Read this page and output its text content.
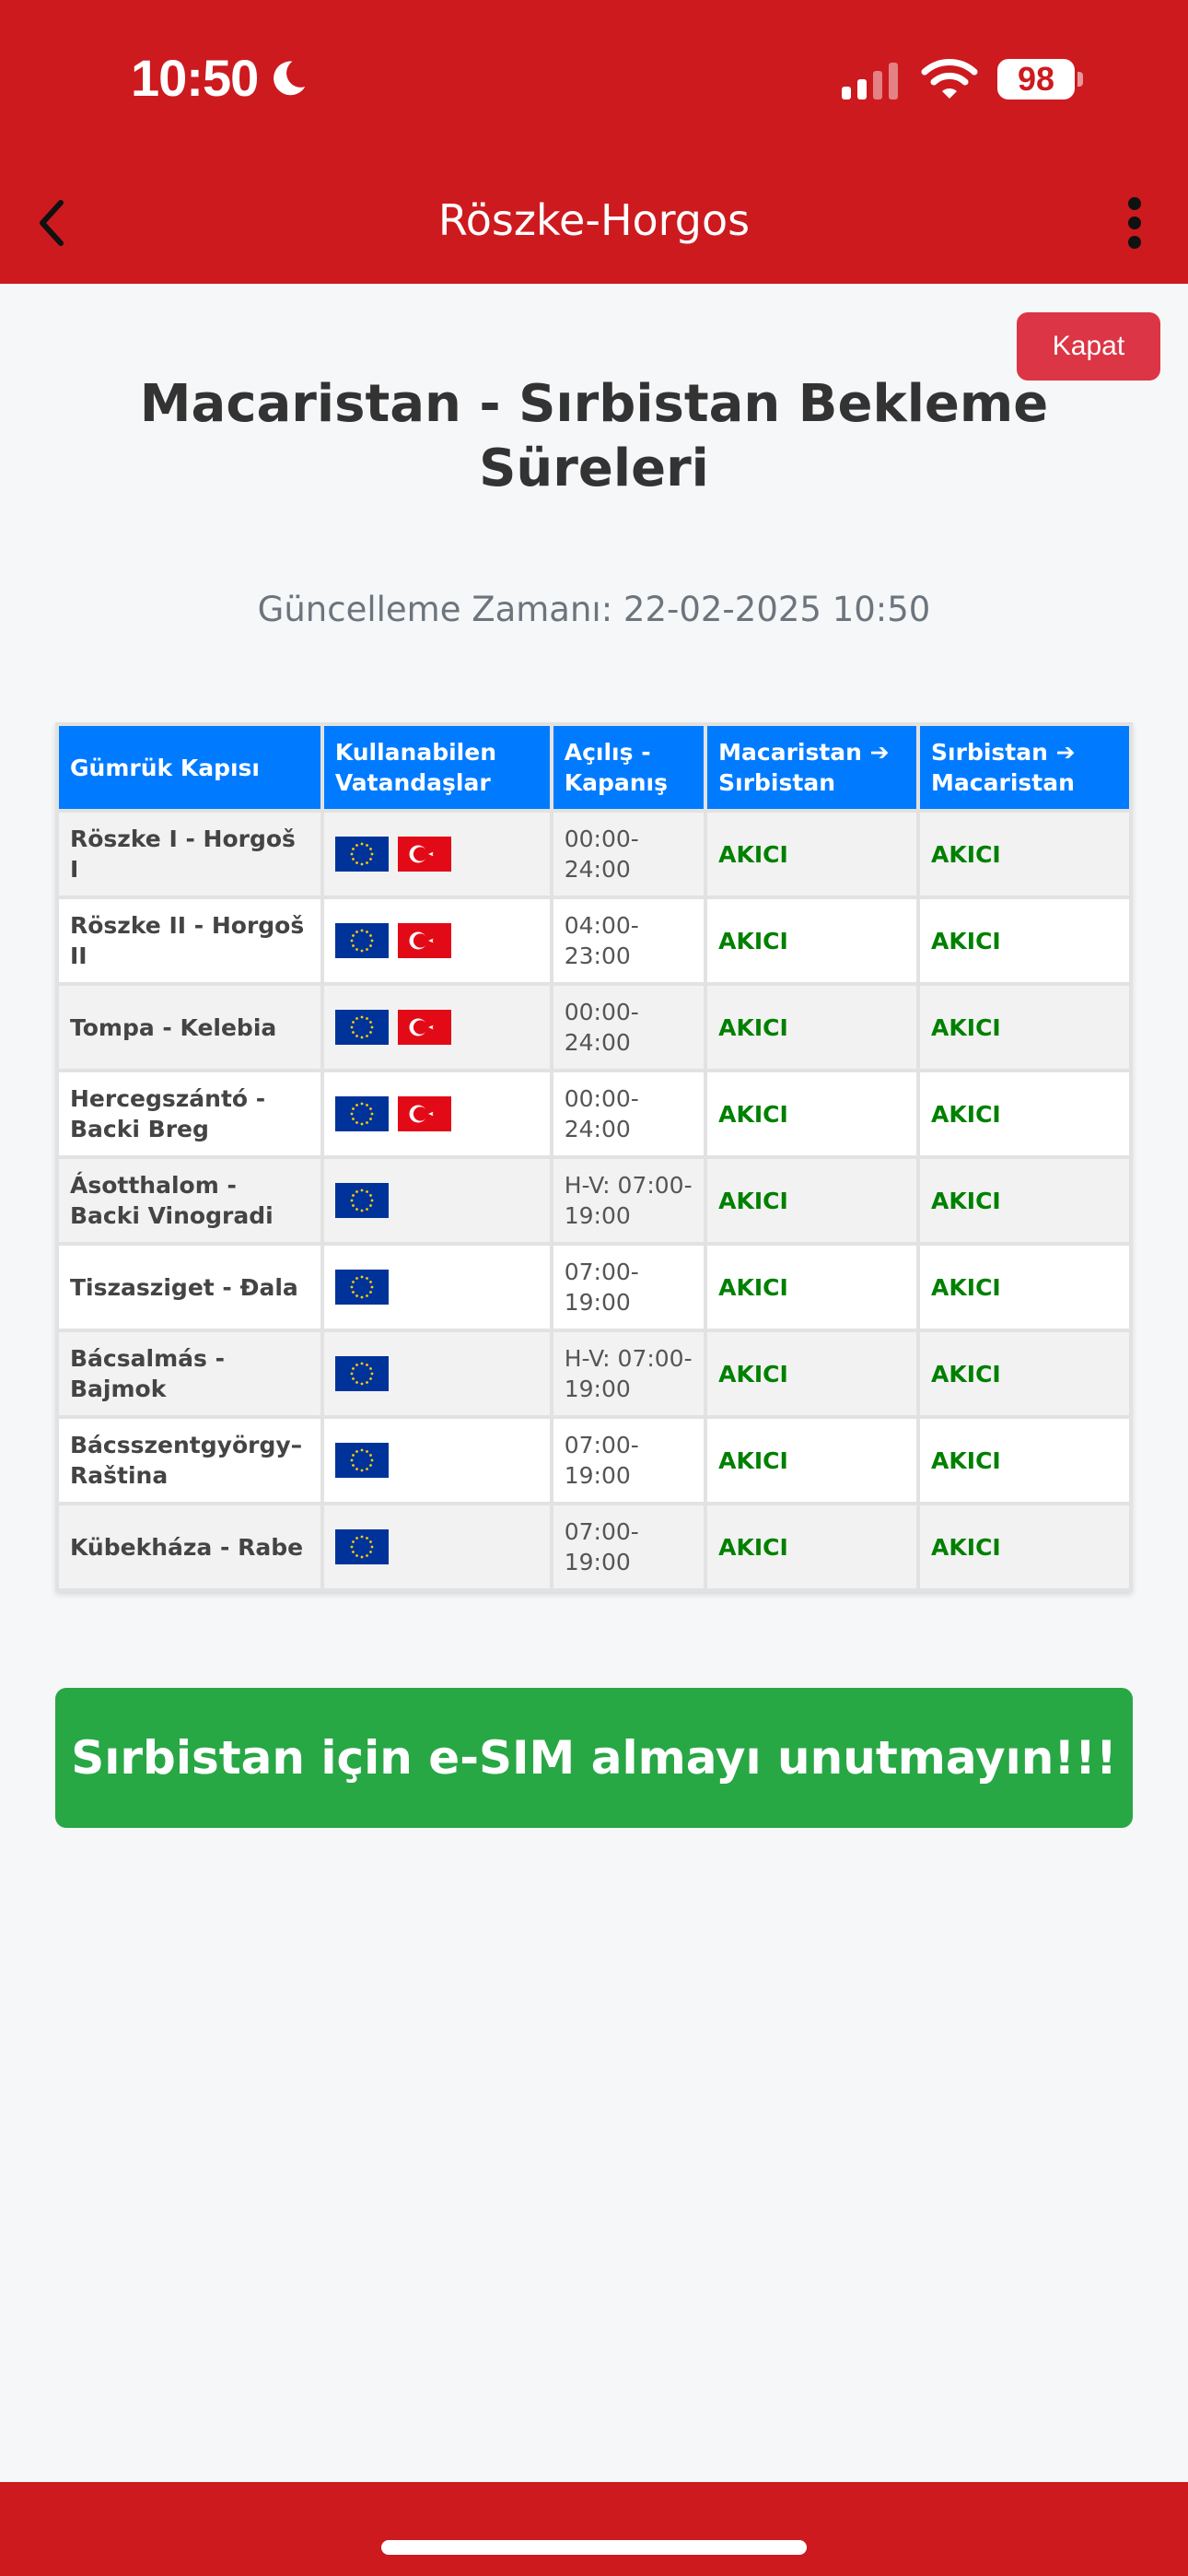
10:50	98
Röszke-Horgos
Kapat
Macaristan - Sırbistan Bekleme Süreleri
Güncelleme Zamanı: 22-02-2025 10:50
Gümrük Kapısı	Kullanabilen Vatandaşlar	Açılış - Kapanış	Macaristan ➔ Sırbistan	Sırbistan ➔ Macaristan
Röszke I - Horgoš I		00:00-24:00	AKICI	AKICI
Röszke II - Horgoš II		04:00-23:00	AKICI	AKICI
Tompa - Kelebia		00:00-24:00	AKICI	AKICI
Hercegszántó - Backi Breg		00:00-24:00	AKICI	AKICI
Ásotthalom - Backi Vinogradi		H-V: 07:00-19:00	AKICI	AKICI
Tiszasziget - Đala		07:00-19:00	AKICI	AKICI
Bácsalmás - Bajmok		H-V: 07:00-19:00	AKICI	AKICI
Bácsszentgyörgy–Raština		07:00-19:00	AKICI	AKICI
Kübekháza - Rabe		07:00-19:00	AKICI	AKICI
Sırbistan için e-SIM almayı unutmayın!!!
